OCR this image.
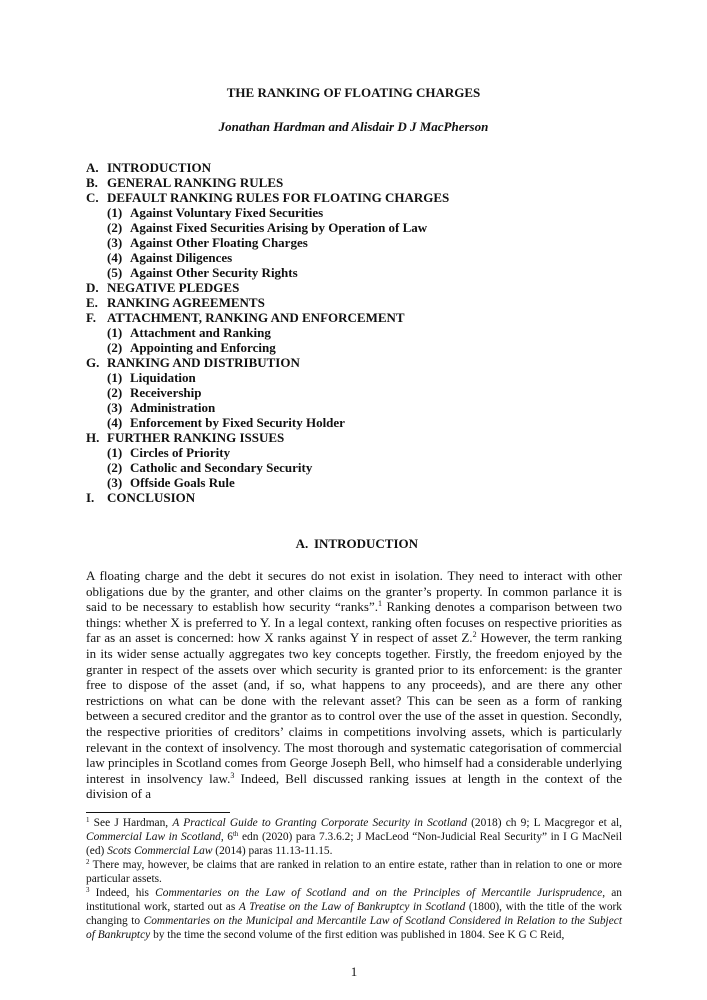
THE RANKING OF FLOATING CHARGES
Jonathan Hardman and Alisdair D J MacPherson
A. INTRODUCTION
B. GENERAL RANKING RULES
C. DEFAULT RANKING RULES FOR FLOATING CHARGES
(1) Against Voluntary Fixed Securities
(2) Against Fixed Securities Arising by Operation of Law
(3) Against Other Floating Charges
(4) Against Diligences
(5) Against Other Security Rights
D. NEGATIVE PLEDGES
E. RANKING AGREEMENTS
F. ATTACHMENT, RANKING AND ENFORCEMENT
(1) Attachment and Ranking
(2) Appointing and Enforcing
G. RANKING AND DISTRIBUTION
(1) Liquidation
(2) Receivership
(3) Administration
(4) Enforcement by Fixed Security Holder
H. FURTHER RANKING ISSUES
(1) Circles of Priority
(2) Catholic and Secondary Security
(3) Offside Goals Rule
I. CONCLUSION
A. INTRODUCTION
A floating charge and the debt it secures do not exist in isolation. They need to interact with other obligations due by the granter, and other claims on the granter’s property. In common parlance it is said to be necessary to establish how security “ranks”.$^1$ Ranking denotes a comparison between two things: whether X is preferred to Y. In a legal context, ranking often focuses on respective priorities as far as an asset is concerned: how X ranks against Y in respect of asset Z.$^2$ However, the term ranking in its wider sense actually aggregates two key concepts together. Firstly, the freedom enjoyed by the granter in respect of the assets over which security is granted prior to its enforcement: is the granter free to dispose of the asset (and, if so, what happens to any proceeds), and are there any other restrictions on what can be done with the relevant asset? This can be seen as a form of ranking between a secured creditor and the grantor as to control over the use of the asset in question. Secondly, the respective priorities of creditors’ claims in competitions involving assets, which is particularly relevant in the context of insolvency. The most thorough and systematic categorisation of commercial law principles in Scotland comes from George Joseph Bell, who himself had a considerable underlying interest in insolvency law.$^3$ Indeed, Bell discussed ranking issues at length in the context of the division of a
$^1$ See J Hardman, A Practical Guide to Granting Corporate Security in Scotland (2018) ch 9; L Macgregor et al, Commercial Law in Scotland, 6th edn (2020) para 7.3.6.2; J MacLeod “Non-Judicial Real Security” in I G MacNeil (ed) Scots Commercial Law (2014) paras 11.13-11.15.
$^2$ There may, however, be claims that are ranked in relation to an entire estate, rather than in relation to one or more particular assets.
$^3$ Indeed, his Commentaries on the Law of Scotland and on the Principles of Mercantile Jurisprudence, an institutional work, started out as A Treatise on the Law of Bankruptcy in Scotland (1800), with the title of the work changing to Commentaries on the Municipal and Mercantile Law of Scotland Considered in Relation to the Subject of Bankruptcy by the time the second volume of the first edition was published in 1804. See K G C Reid,
1
